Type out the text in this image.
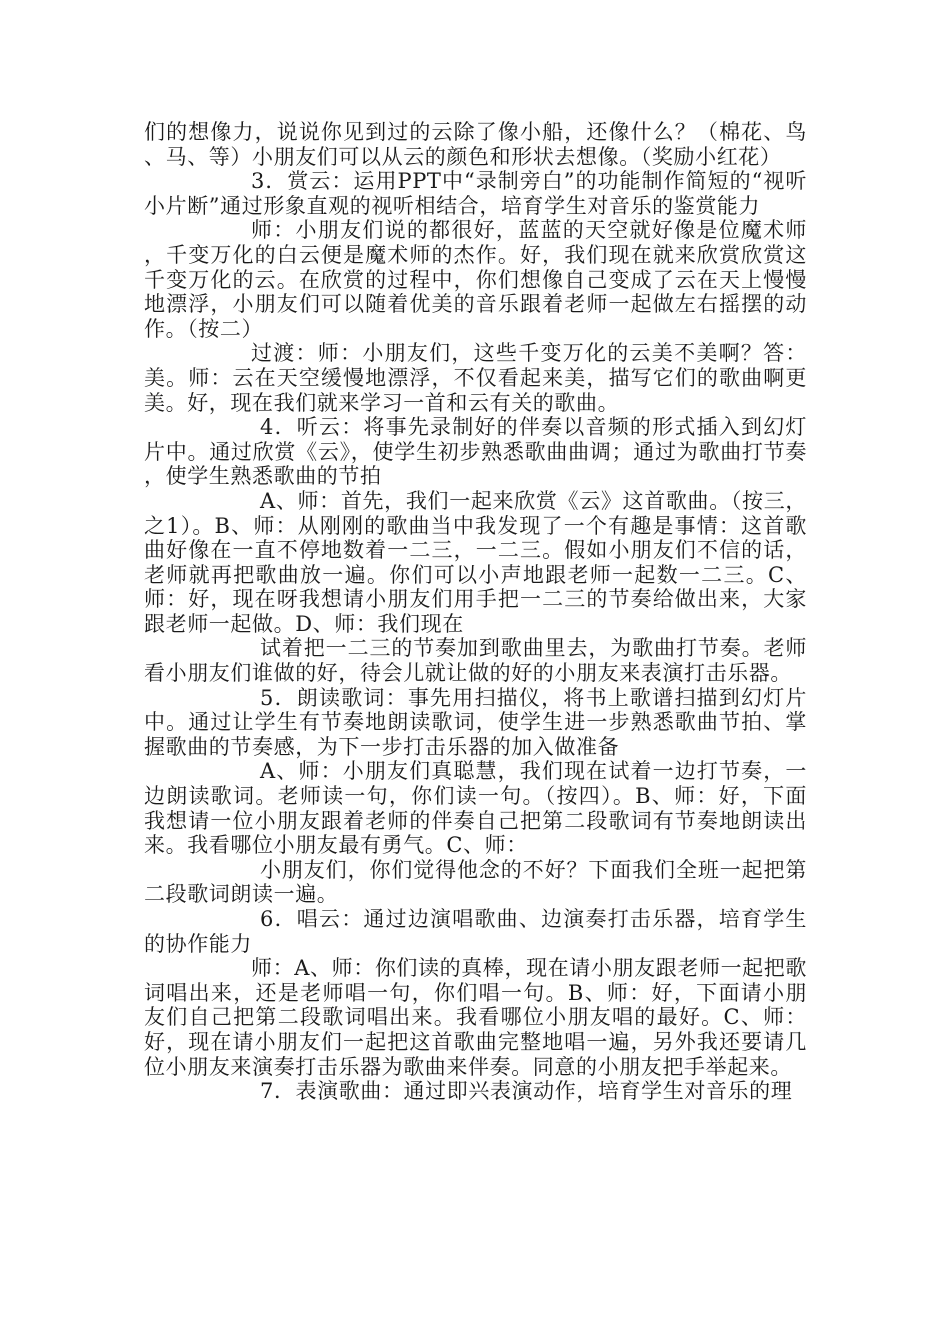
们的想像力，说说你见到过的云除了像小船，还像什么？（棉花、鸟、马、等）小朋友们可以从云的颜色和形状去想像。（奖励小红花）

3．赏云：运用PPT中“录制旁白”的功能制作简短的“视听小片断”通过形象直观的视听相结合，培育学生对音乐的鉴赏能力

师：小朋友们说的都很好，蓝蓝的天空就好像是位魔术师，千变万化的白云便是魔术师的杰作。好，我们现在就来欣赏欣赏这千变万化的云。在欣赏的过程中，你们想像自己变成了云在天上慢慢地漂浮，小朋友们可以随着优美的音乐跟着老师一起做左右摇摆的动作。（按二）

过渡：师：小朋友们，这些千变万化的云美不美啊？答：美。师：云在天空缓慢地漂浮，不仅看起来美，描写它们的歌曲啊更美。好，现在我们就来学习一首和云有关的歌曲。

4．听云：将事先录制好的伴奏以音频的形式插入到幻灯片中。通过欣赏《云》，使学生初步熟悉歌曲曲调；通过为歌曲打节奏，使学生熟悉歌曲的节拍

A、师：首先，我们一起来欣赏《云》这首歌曲。（按三，之1）。B、师：从刚刚的歌曲当中我发现了一个有趣是事情：这首歌曲好像在一直不停地数着一二三，一二三。假如小朋友们不信的话，老师就再把歌曲放一遍。你们可以小声地跟老师一起数一二三。C、师：好，现在呀我想请小朋友们用手把一二三的节奏给做出来，大家跟老师一起做。D、师：我们现在

试着把一二三的节奏加到歌曲里去，为歌曲打节奏。老师看小朋友们谁做的好，待会儿就让做的好的小朋友来表演打击乐器。

5．朗读歌词：事先用扫描仪，将书上歌谱扫描到幻灯片中。通过让学生有节奏地朗读歌词，使学生进一步熟悉歌曲节拍、掌握歌曲的节奏感，为下一步打击乐器的加入做准备

A、师：小朋友们真聪慧，我们现在试着一边打节奏，一边朗读歌词。老师读一句，你们读一句。（按四）。B、师：好，下面我想请一位小朋友跟着老师的伴奏自己把第二段歌词有节奏地朗读出来。我看哪位小朋友最有勇气。C、师：

小朋友们，你们觉得他念的不好？下面我们全班一起把第二段歌词朗读一遍。

6．唱云：通过边演唱歌曲、边演奏打击乐器，培育学生的协作能力

师：A、师：你们读的真棒，现在请小朋友跟老师一起把歌词唱出来，还是老师唱一句，你们唱一句。B、师：好，下面请小朋友们自己把第二段歌词唱出来。我看哪位小朋友唱的最好。C、师：好，现在请小朋友们一起把这首歌曲完整地唱一遍，另外我还要请几位小朋友来演奏打击乐器为歌曲来伴奏。同意的小朋友把手举起来。

7．表演歌曲：通过即兴表演动作，培育学生对音乐的理
